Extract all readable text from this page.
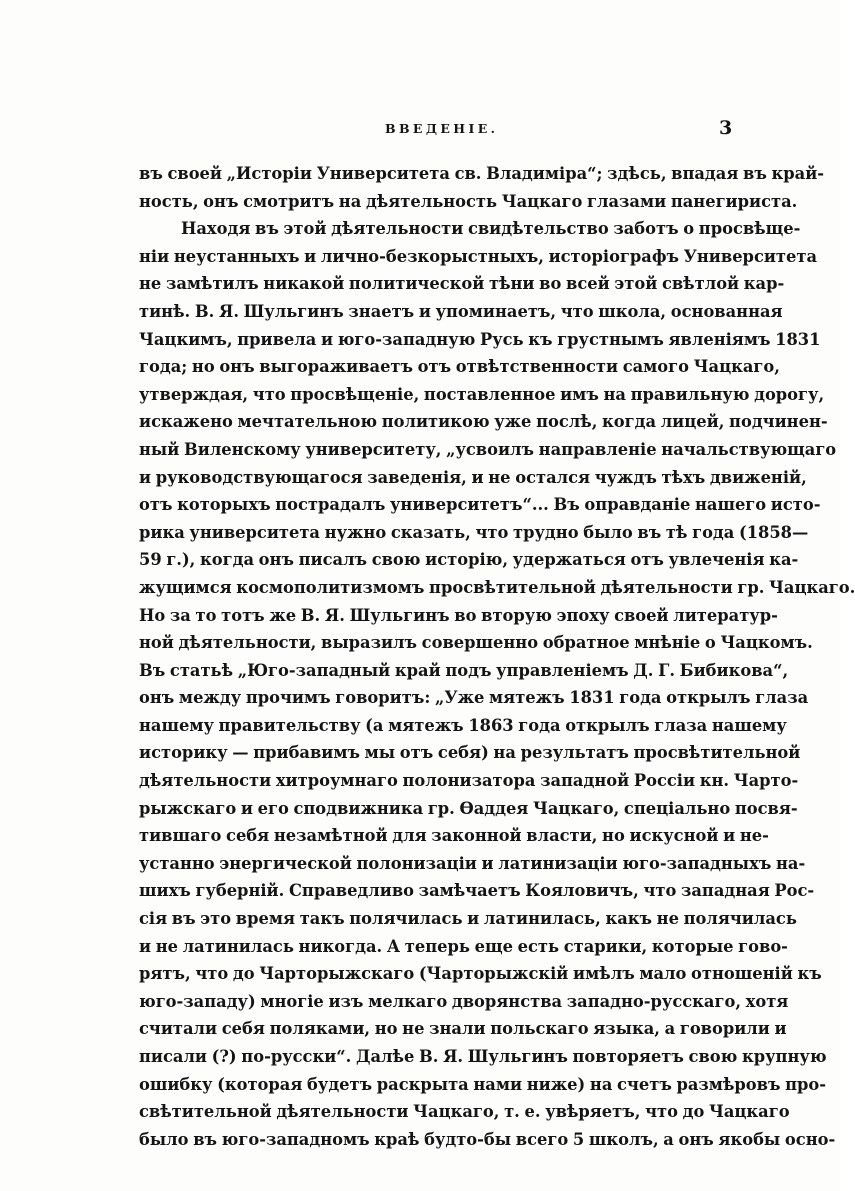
ВВЕДЕНІЕ.	3
въ своей „Исторіи Университета св. Владиміра“; здѣсь, впадая въ край-
ность, онъ смотритъ на дѣятельность Чацкаго глазами панегириста.
Находя въ этой дѣятельности свидѣтельство заботъ о просвѣще-
ніи неустанныхъ и лично-безкорыстныхъ, исторіографъ Университета
не замѣтилъ никакой политической тѣни во всей этой свѣтлой кар-
тинѣ. В. Я. Шульгинъ знаетъ и упоминаетъ, что школа, основанная
Чацкимъ, привела и юго-западную Русь къ грустнымъ явленіямъ 1831
года; но онъ выгораживаетъ отъ отвѣтственности самого Чацкаго,
утверждая, что просвѣщеніе, поставленное имъ на правильную дорогу,
искажено мечтательною политикою уже послѣ, когда лицей, подчинен-
ный Виленскому университету, „усвоилъ направленіе начальствующаго
и руководствующагося заведенія, и не остался чуждъ тѣхъ движеній,
отъ которыхъ пострадалъ университетъ“... Въ оправданіе нашего исто-
рика университета нужно сказать, что трудно было въ тѣ года (1858—
59 г.), когда онъ писалъ свою исторію, удержаться отъ увлеченія ка-
жущимся космополитизмомъ просвѣтительной дѣятельности гр. Чацкаго.
Но за то тотъ же В. Я. Шульгинъ во вторую эпоху своей литератур-
ной дѣятельности, выразилъ совершенно обратное мнѣніе о Чацкомъ.
Въ статьѣ „Юго-западный край подъ управленіемъ Д. Г. Бибикова“,
онъ между прочимъ говоритъ: „Уже мятежъ 1831 года открылъ глаза
нашему правительству (а мятежъ 1863 года открылъ глаза нашему
историку — прибавимъ мы отъ себя) на результатъ просвѣтительной
дѣятельности хитроумнаго полонизатора западной Россіи кн. Чарто-
рыжскаго и его сподвижника гр. Ѳаддея Чацкаго, спеціально посвя-
тившаго себя незамѣтной для законной власти, но искусной и не-
устанно энергической полонизаціи и латинизаціи юго-западныхъ на-
шихъ губерній. Справедливо замѣчаетъ Кояловичъ, что западная Рос-
сія въ это время такъ полячилась и латинилась, какъ не полячилась
и не латинилась никогда. А теперь еще есть старики, которые гово-
рятъ, что до Чарторыжскаго (Чарторыжскій имѣлъ мало отношеній къ
юго-западу) многіе изъ мелкаго дворянства западно-русскаго, хотя
считали себя поляками, но не знали польскаго языка, а говорили и
писали (?) по-русски“. Далѣе В. Я. Шульгинъ повторяетъ свою крупную
ошибку (которая будетъ раскрыта нами ниже) на счетъ размѣровъ про-
свѣтительной дѣятельности Чацкаго, т. е. увѣряетъ, что до Чацкаго
было въ юго-западномъ краѣ будто-бы всего 5 школъ, а онъ якобы осно-
